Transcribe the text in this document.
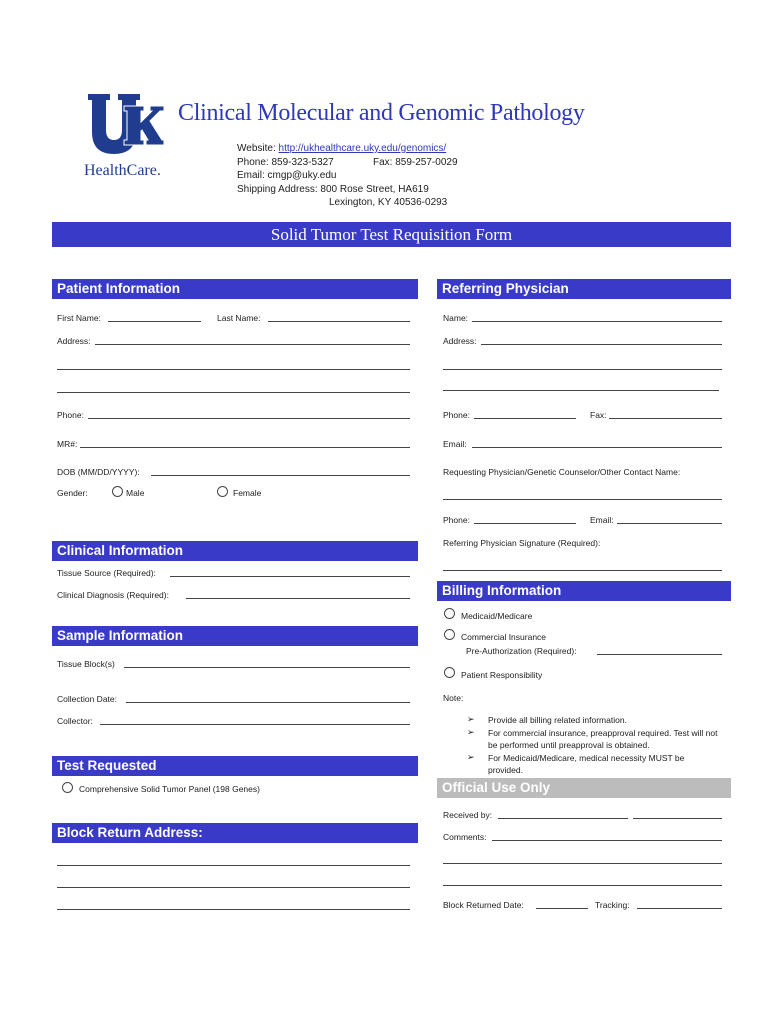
HealthCare.
Clinical Molecular and Genomic Pathology
Website: http://ukhealthcare.uky.edu/genomics/
Phone: 859-323-5327	Fax: 859-257-0029
Email: cmgp@uky.edu
Shipping Address: 800 Rose Street, HA619
Lexington, KY 40536-0293
Solid Tumor Test Requisition Form
Patient Information
First Name:	Last Name:
Address:
Phone:
MR#:
DOB (MM/DD/YYYY):
Gender:	Male	Female
Clinical Information
Tissue Source (Required):
Clinical Diagnosis (Required):
Sample Information
Tissue Block(s)
Collection Date:
Collector:
Test Requested
Comprehensive Solid Tumor Panel (198 Genes)
Block Return Address:
Referring Physician
Name:
Address:
Phone:	Fax:
Email:
Requesting Physician/Genetic Counselor/Other Contact Name:
Phone:	Email:
Referring Physician Signature (Required):
Billing Information
Medicaid/Medicare
Commercial Insurance
Pre-Authorization (Required):
Patient Responsibility
Note:
➢ Provide all billing related information.
➢ For commercial insurance, preapproval required. Test will not be performed until preapproval is obtained.
➢ For Medicaid/Medicare, medical necessity MUST be provided.
Official Use Only
Received by:
Comments:
Block Returned Date:	Tracking:
